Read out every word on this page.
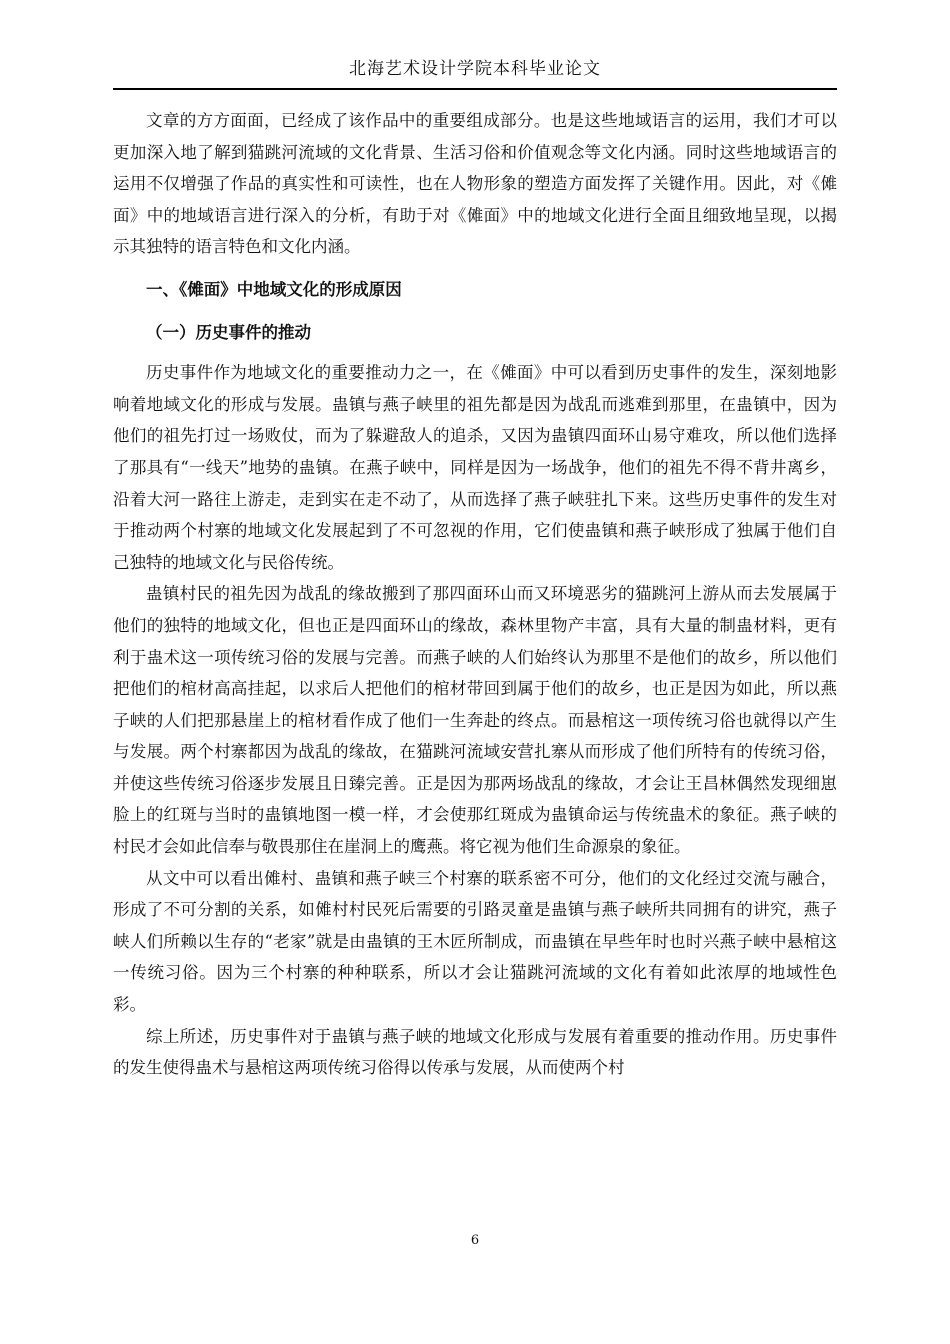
北海艺术设计学院本科毕业论文

文章的方方面面，已经成了该作品中的重要组成部分。也是这些地域语言的运用，我们才可以更加深入地了解到猫跳河流域的文化背景、生活习俗和价值观念等文化内涵。同时这些地域语言的运用不仅增强了作品的真实性和可读性，也在人物形象的塑造方面发挥了关键作用。因此，对《傩面》中的地域语言进行深入的分析，有助于对《傩面》中的地域文化进行全面且细致地呈现，以揭示其独特的语言特色和文化内涵。

一、《傩面》中地域文化的形成原因

（一）历史事件的推动

历史事件作为地域文化的重要推动力之一，在《傩面》中可以看到历史事件的发生，深刻地影响着地域文化的形成与发展。蛊镇与燕子峡里的祖先都是因为战乱而逃难到那里，在蛊镇中，因为他们的祖先打过一场败仗，而为了躲避敌人的追杀，又因为蛊镇四面环山易守难攻，所以他们选择了那具有“一线天”地势的蛊镇。在燕子峡中，同样是因为一场战争，他们的祖先不得不背井离乡，沿着大河一路往上游走，走到实在走不动了，从而选择了燕子峡驻扎下来。这些历史事件的发生对于推动两个村寨的地域文化发展起到了不可忽视的作用，它们使蛊镇和燕子峡形成了独属于他们自己独特的地域文化与民俗传统。

蛊镇村民的祖先因为战乱的缘故搬到了那四面环山而又环境恶劣的猫跳河上游从而去发展属于他们的独特的地域文化，但也正是四面环山的缘故，森林里物产丰富，具有大量的制蛊材料，更有利于蛊术这一项传统习俗的发展与完善。而燕子峡的人们始终认为那里不是他们的故乡，所以他们把他们的棺材高高挂起，以求后人把他们的棺材带回到属于他们的故乡，也正是因为如此，所以燕子峡的人们把那悬崖上的棺材看作成了他们一生奔赴的终点。而悬棺这一项传统习俗也就得以产生与发展。两个村寨都因为战乱的缘故，在猫跳河流域安营扎寨从而形成了他们所特有的传统习俗，并使这些传统习俗逐步发展且日臻完善。正是因为那两场战乱的缘故，才会让王昌林偶然发现细崽脸上的红斑与当时的蛊镇地图一模一样，才会使那红斑成为蛊镇命运与传统蛊术的象征。燕子峡的村民才会如此信奉与敬畏那住在崖洞上的鹰燕。将它视为他们生命源泉的象征。

从文中可以看出傩村、蛊镇和燕子峡三个村寨的联系密不可分，他们的文化经过交流与融合，形成了不可分割的关系，如傩村村民死后需要的引路灵童是蛊镇与燕子峡所共同拥有的讲究，燕子峡人们所赖以生存的“老家”就是由蛊镇的王木匠所制成，而蛊镇在早些年时也时兴燕子峡中悬棺这一传统习俗。因为三个村寨的种种联系，所以才会让猫跳河流域的文化有着如此浓厚的地域性色彩。

综上所述，历史事件对于蛊镇与燕子峡的地域文化形成与发展有着重要的推动作用。历史事件的发生使得蛊术与悬棺这两项传统习俗得以传承与发展，从而使两个村

6
